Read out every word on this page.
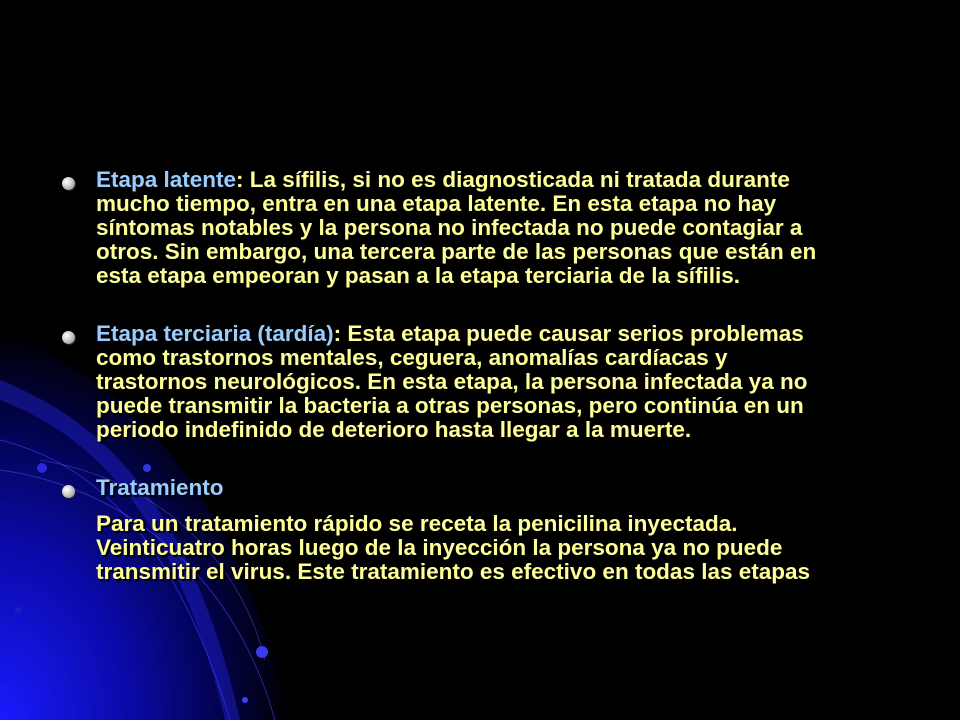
Etapa latente: La sífilis, si no es diagnosticada ni tratada durante
mucho tiempo, entra en una etapa latente. En esta etapa no hay
síntomas notables y la persona no infectada no puede contagiar a
otros. Sin embargo, una tercera parte de las personas que están en
esta etapa empeoran y pasan a la etapa terciaria de la sífilis.
Etapa terciaria (tardía): Esta etapa puede causar serios problemas
como trastornos mentales, ceguera, anomalías cardíacas y
trastornos neurológicos. En esta etapa, la persona infectada ya no
puede transmitir la bacteria a otras personas, pero continúa en un
periodo indefinido de deterioro hasta llegar a la muerte.
Tratamiento
Para un tratamiento rápido se receta la penicilina inyectada.
Veinticuatro horas luego de la inyección la persona ya no puede
transmitir el virus. Este tratamiento es efectivo en todas las etapas
